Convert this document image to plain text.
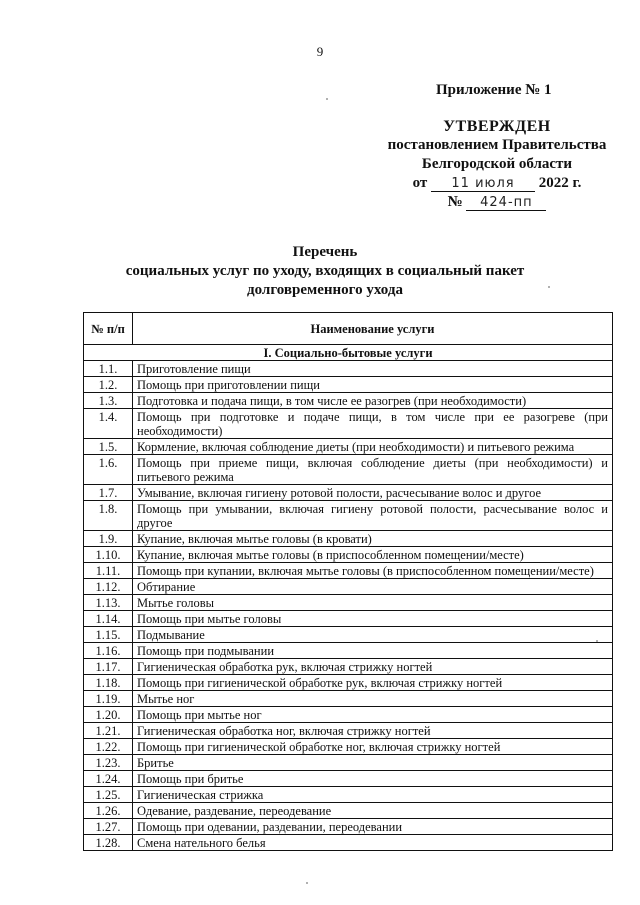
9
Приложение № 1
УТВЕРЖДЕН
постановлением Правительства
Белгородской области
от 11 июля 2022 г.
№ 424-пп
Перечень
социальных услуг по уходу, входящих в социальный пакет
долговременного ухода
№ п/п	Наименование услуги
I. Социально-бытовые услуги	
1.1.	Приготовление пищи
1.2.	Помощь при приготовлении пищи
1.3.	Подготовка и подача пищи, в том числе ее разогрев (при необходимости)
1.4.	Помощь при подготовке и подаче пищи, в том числе при ее разогреве (при необходимости)
1.5.	Кормление, включая соблюдение диеты (при необходимости) и питьевого режима
1.6.	Помощь при приеме пищи, включая соблюдение диеты (при необходимости) и питьевого режима
1.7.	Умывание, включая гигиену ротовой полости, расчесывание волос и другое
1.8.	Помощь при умывании, включая гигиену ротовой полости, расчесывание волос и другое
1.9.	Купание, включая мытье головы (в кровати)
1.10.	Купание, включая мытье головы (в приспособленном помещении/месте)
1.11.	Помощь при купании, включая мытье головы (в приспособленном помещении/месте)
1.12.	Обтирание
1.13.	Мытье головы
1.14.	Помощь при мытье головы
1.15.	Подмывание
1.16.	Помощь при подмывании
1.17.	Гигиеническая обработка рук, включая стрижку ногтей
1.18.	Помощь при гигиенической обработке рук, включая стрижку ногтей
1.19.	Мытье ног
1.20.	Помощь при мытье ног
1.21.	Гигиеническая обработка ног, включая стрижку ногтей
1.22.	Помощь при гигиенической обработке ног, включая стрижку ногтей
1.23.	Бритье
1.24.	Помощь при бритье
1.25.	Гигиеническая стрижка
1.26.	Одевание, раздевание, переодевание
1.27.	Помощь при одевании, раздевании, переодевании
1.28.	Смена нательного белья
